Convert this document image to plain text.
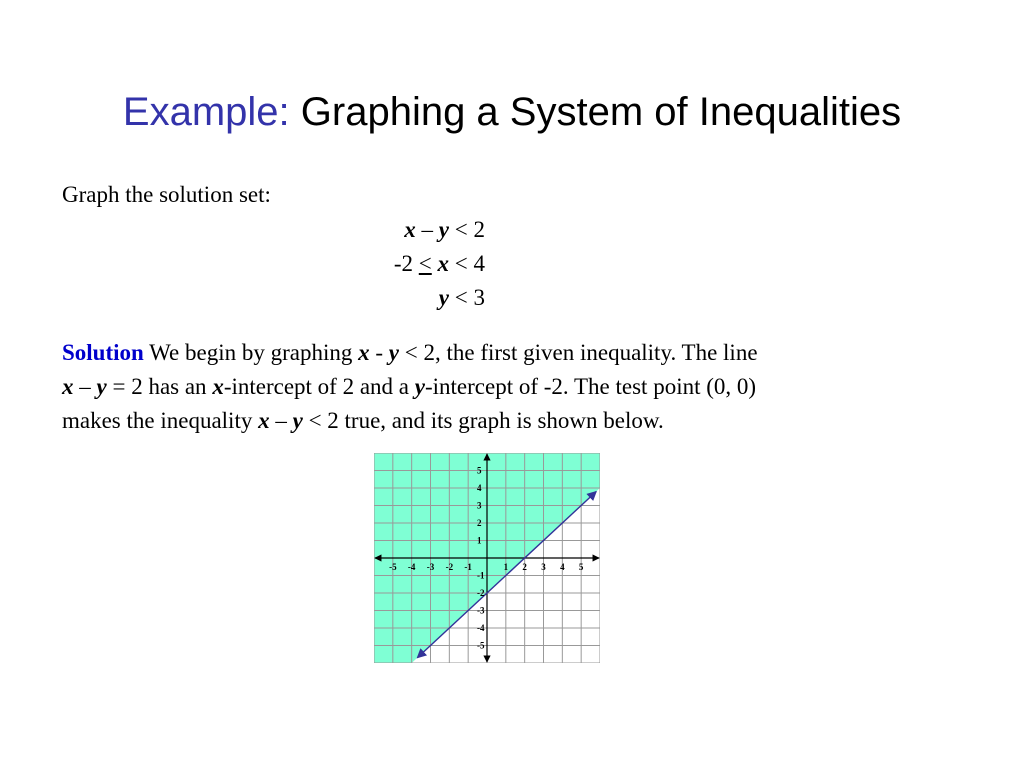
Example: Graphing a System of Inequalities
Graph the solution set:
x – y < 2
-2 < x < 4
y < 3
Solution We begin by graphing x - y < 2, the first given inequality. The line
x – y = 2 has an x-intercept of 2 and a y-intercept of -2. The test point (0, 0)
makes the inequality x – y < 2 true, and its graph is shown below.
-5 -4 -3 -2 -1	1 2 3 4 5
5
4
3
2
1
-1
-2
-3
-4
-5
